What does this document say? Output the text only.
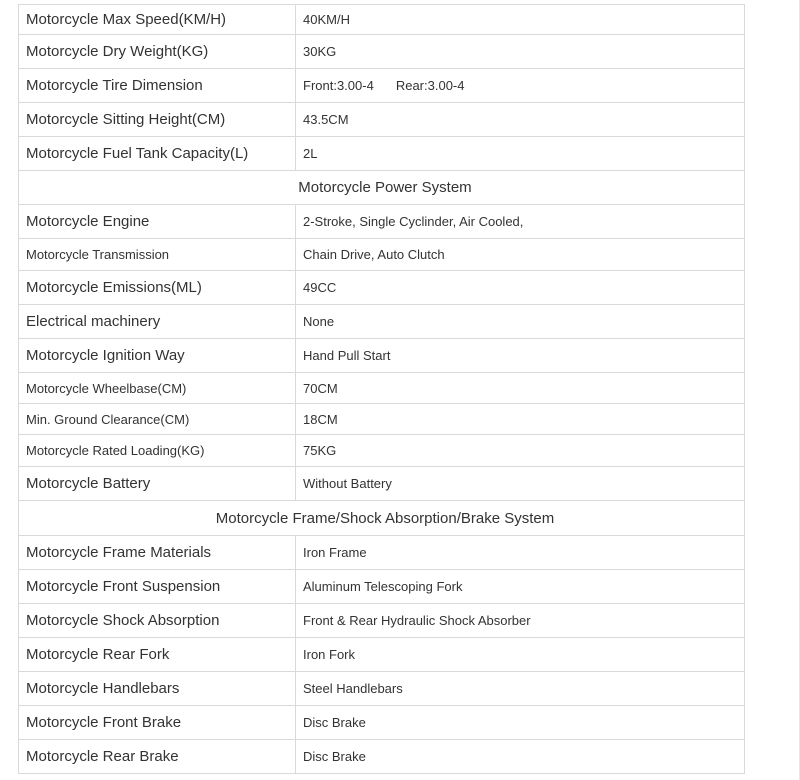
Motorcycle Max Speed(KM/H)	40KM/H
Motorcycle Dry Weight(KG)	30KG
Motorcycle Tire Dimension	Front:3.00-4 Rear:3.00-4
Motorcycle Sitting Height(CM)	43.5CM
Motorcycle Fuel Tank Capacity(L)	2L
Motorcycle Power System	
Motorcycle Engine	2-Stroke, Single Cyclinder, Air Cooled,
Motorcycle Transmission	Chain Drive, Auto Clutch
Motorcycle Emissions(ML)	49CC
Electrical machinery	None
Motorcycle Ignition Way	Hand Pull Start
Motorcycle Wheelbase(CM)	70CM
Min. Ground Clearance(CM)	18CM
Motorcycle Rated Loading(KG)	75KG
Motorcycle Battery	Without Battery
Motorcycle Frame/Shock Absorption/Brake System	
Motorcycle Frame Materials	Iron Frame
Motorcycle Front Suspension	Aluminum Telescoping Fork
Motorcycle Shock Absorption	Front & Rear Hydraulic Shock Absorber
Motorcycle Rear Fork	Iron Fork
Motorcycle Handlebars	Steel Handlebars
Motorcycle Front Brake	Disc Brake
Motorcycle Rear Brake	Disc Brake
